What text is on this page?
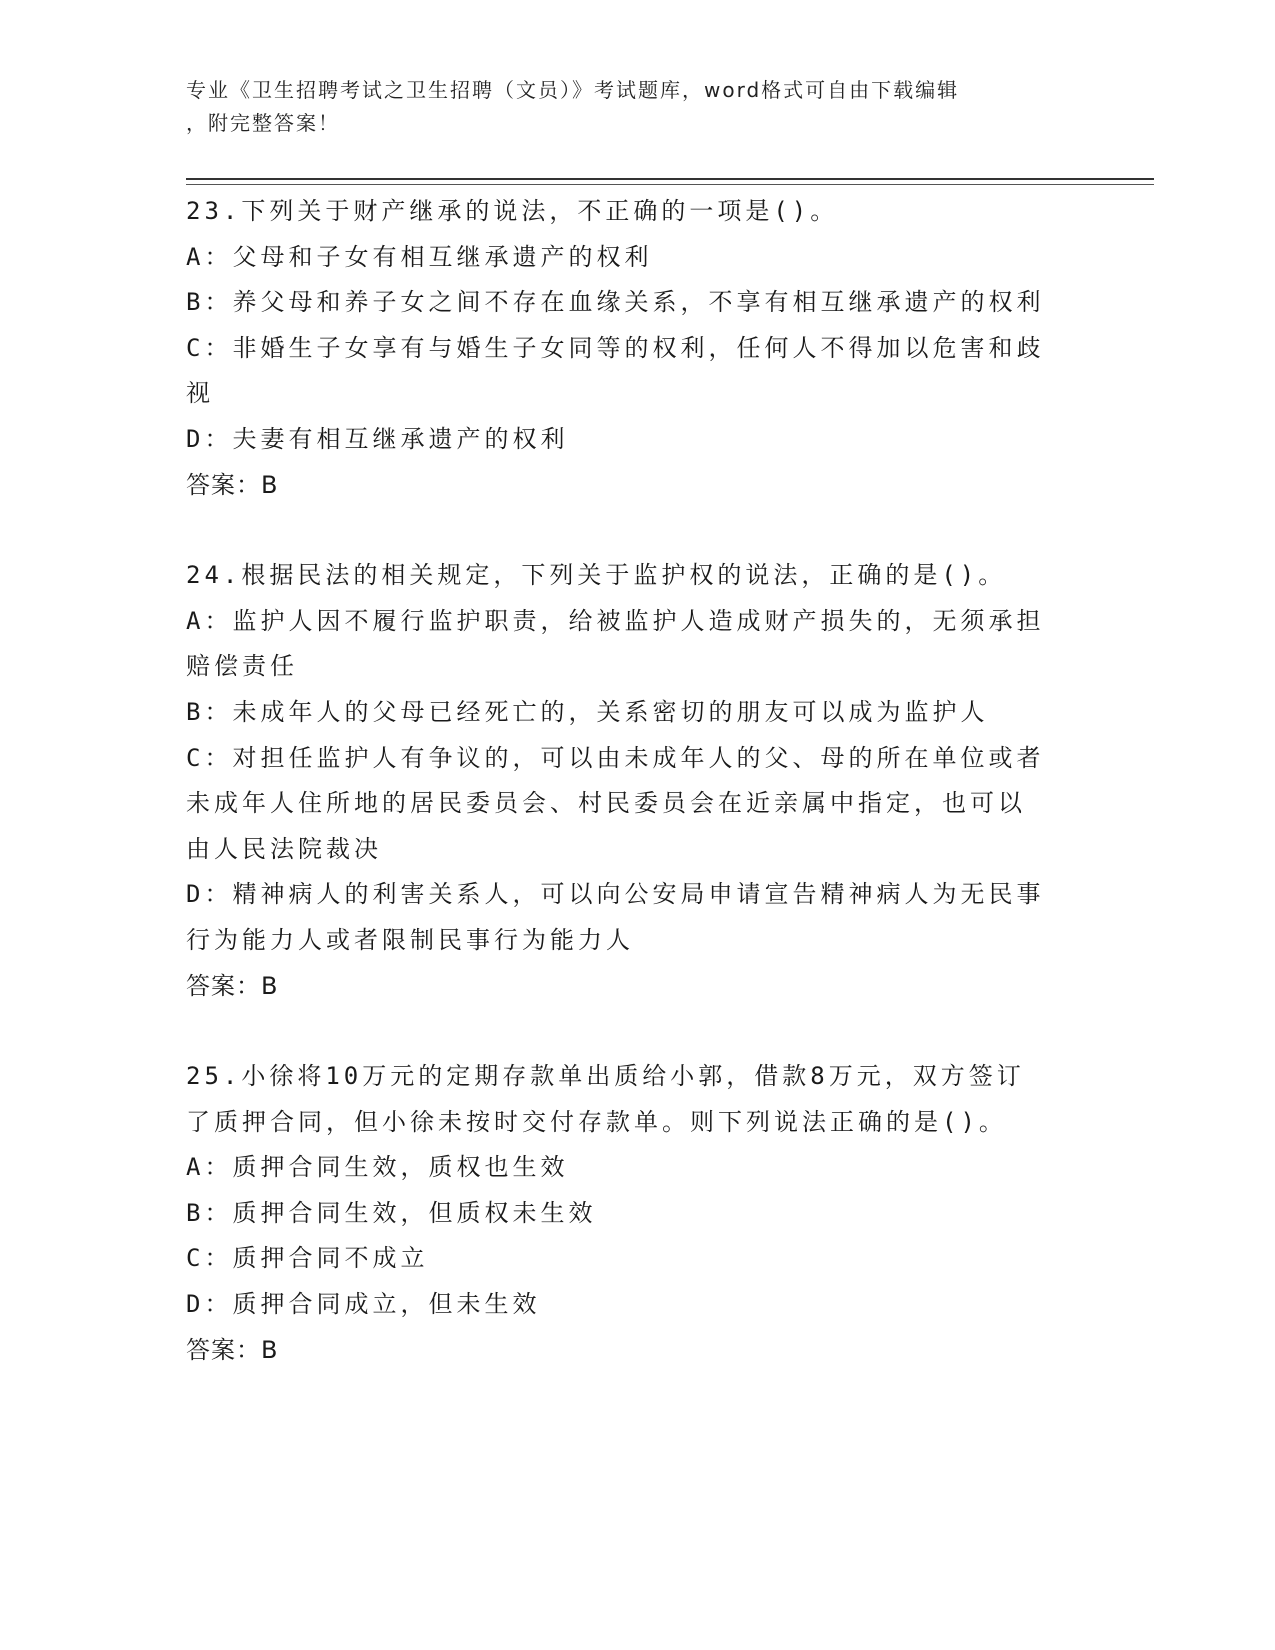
专业《卫生招聘考试之卫生招聘（文员）》考试题库，word格式可自由下载编辑
，附完整答案！
23.下列关于财产继承的说法，不正确的一项是()。
A：父母和子女有相互继承遗产的权利
B：养父母和养子女之间不存在血缘关系，不享有相互继承遗产的权利
C：非婚生子女享有与婚生子女同等的权利，任何人不得加以危害和歧
视
D：夫妻有相互继承遗产的权利
答案：B
24.根据民法的相关规定，下列关于监护权的说法，正确的是()。
A：监护人因不履行监护职责，给被监护人造成财产损失的，无须承担
赔偿责任
B：未成年人的父母已经死亡的，关系密切的朋友可以成为监护人
C：对担任监护人有争议的，可以由未成年人的父、母的所在单位或者
未成年人住所地的居民委员会、村民委员会在近亲属中指定，也可以
由人民法院裁决
D：精神病人的利害关系人，可以向公安局申请宣告精神病人为无民事
行为能力人或者限制民事行为能力人
答案：B
25.小徐将10万元的定期存款单出质给小郭，借款8万元，双方签订
了质押合同，但小徐未按时交付存款单。则下列说法正确的是()。
A：质押合同生效，质权也生效
B：质押合同生效，但质权未生效
C：质押合同不成立
D：质押合同成立，但未生效
答案：B
